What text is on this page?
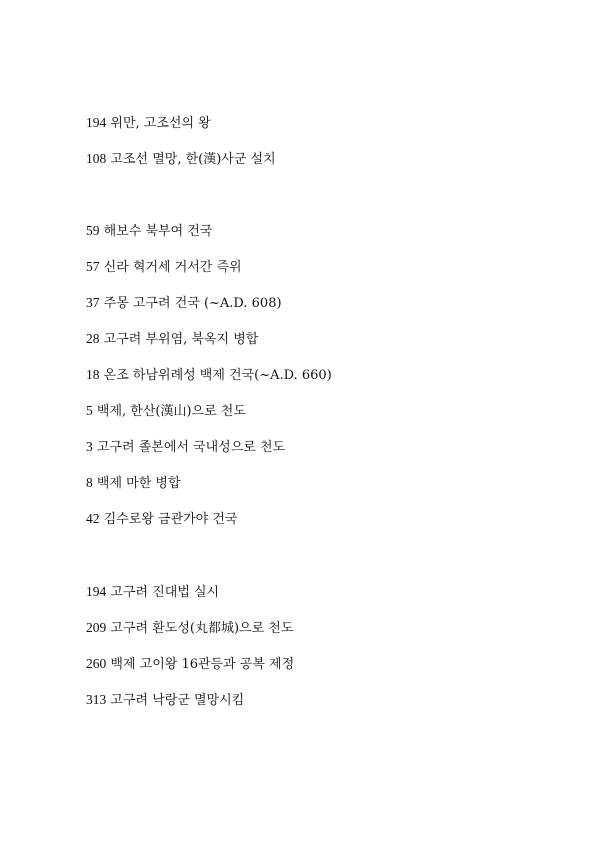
194 위만, 고조선의 왕
108 고조선 멸망, 한(漢)사군 설치
59 해보수 북부여 건국
57 신라 혁거세 거서간 즉위
37 주몽 고구려 건국 (~A.D. 608)
28 고구려 부위염, 북옥지 병합
18 온조 하남위례성 백제 건국(~A.D. 660)
5 백제, 한산(漢山)으로 천도
3 고구려 졸본에서 국내성으로 천도
8 백제 마한 병합
42 김수로왕 금관가야 건국
194 고구려 진대법 실시
209 고구려 환도성(丸都城)으로 천도
260 백제 고이왕 16관등과 공복 제정
313 고구려 낙랑군 멸망시킴
